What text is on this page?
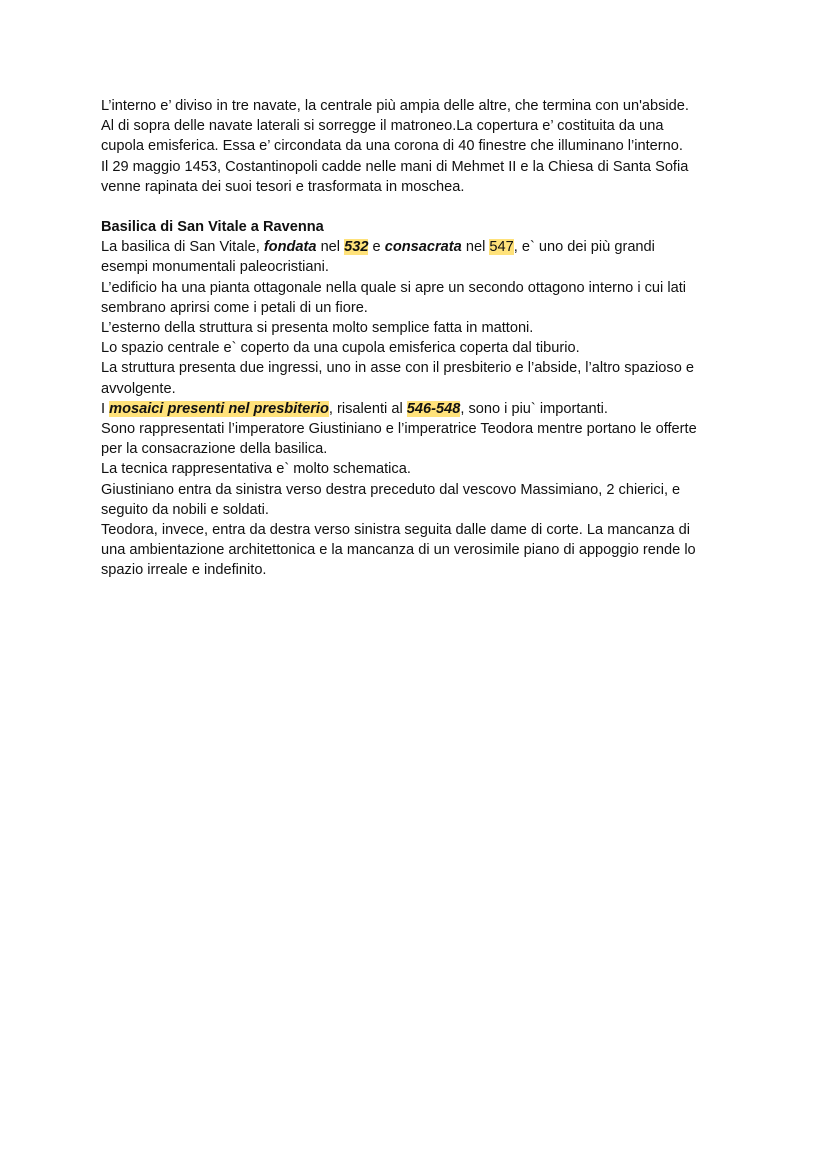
L’interno e’ diviso in tre navate, la centrale più ampia delle altre, che termina con un'abside.

Al di sopra delle navate laterali si sorregge il matroneo.La copertura e’ costituita da una

cupola emisferica. Essa e’ circondata da una corona di 40 finestre che illuminano l’interno.

Il 29 maggio 1453, Costantinopoli cadde nelle mani di Mehmet II e la Chiesa di Santa Sofia

venne rapinata dei suoi tesori e trasformata in moschea.

Basilica di San Vitale a Ravenna

La basilica di San Vitale, fondata nel 532 e consacrata nel 547, e` uno dei più grandi

esempi monumentali paleocristiani.

L’edificio ha una pianta ottagonale nella quale si apre un secondo ottagono interno i cui lati

sembrano aprirsi come i petali di un fiore.

L’esterno della struttura si presenta molto semplice fatta in mattoni.

Lo spazio centrale e` coperto da una cupola emisferica coperta dal tiburio.

La struttura presenta due ingressi, uno in asse con il presbiterio e l’abside, l’altro spazioso e

avvolgente.

I mosaici presenti nel presbiterio, risalenti al 546-548, sono i piu` importanti.

Sono rappresentati l’imperatore Giustiniano e l’imperatrice Teodora mentre portano le offerte

per la consacrazione della basilica.

La tecnica rappresentativa e` molto schematica.

Giustiniano entra da sinistra verso destra preceduto dal vescovo Massimiano, 2 chierici, e

seguito da nobili e soldati.

Teodora, invece, entra da destra verso sinistra seguita dalle dame di corte. La mancanza di

una ambientazione architettonica e la mancanza di un verosimile piano di appoggio rende lo

spazio irreale e indefinito.
